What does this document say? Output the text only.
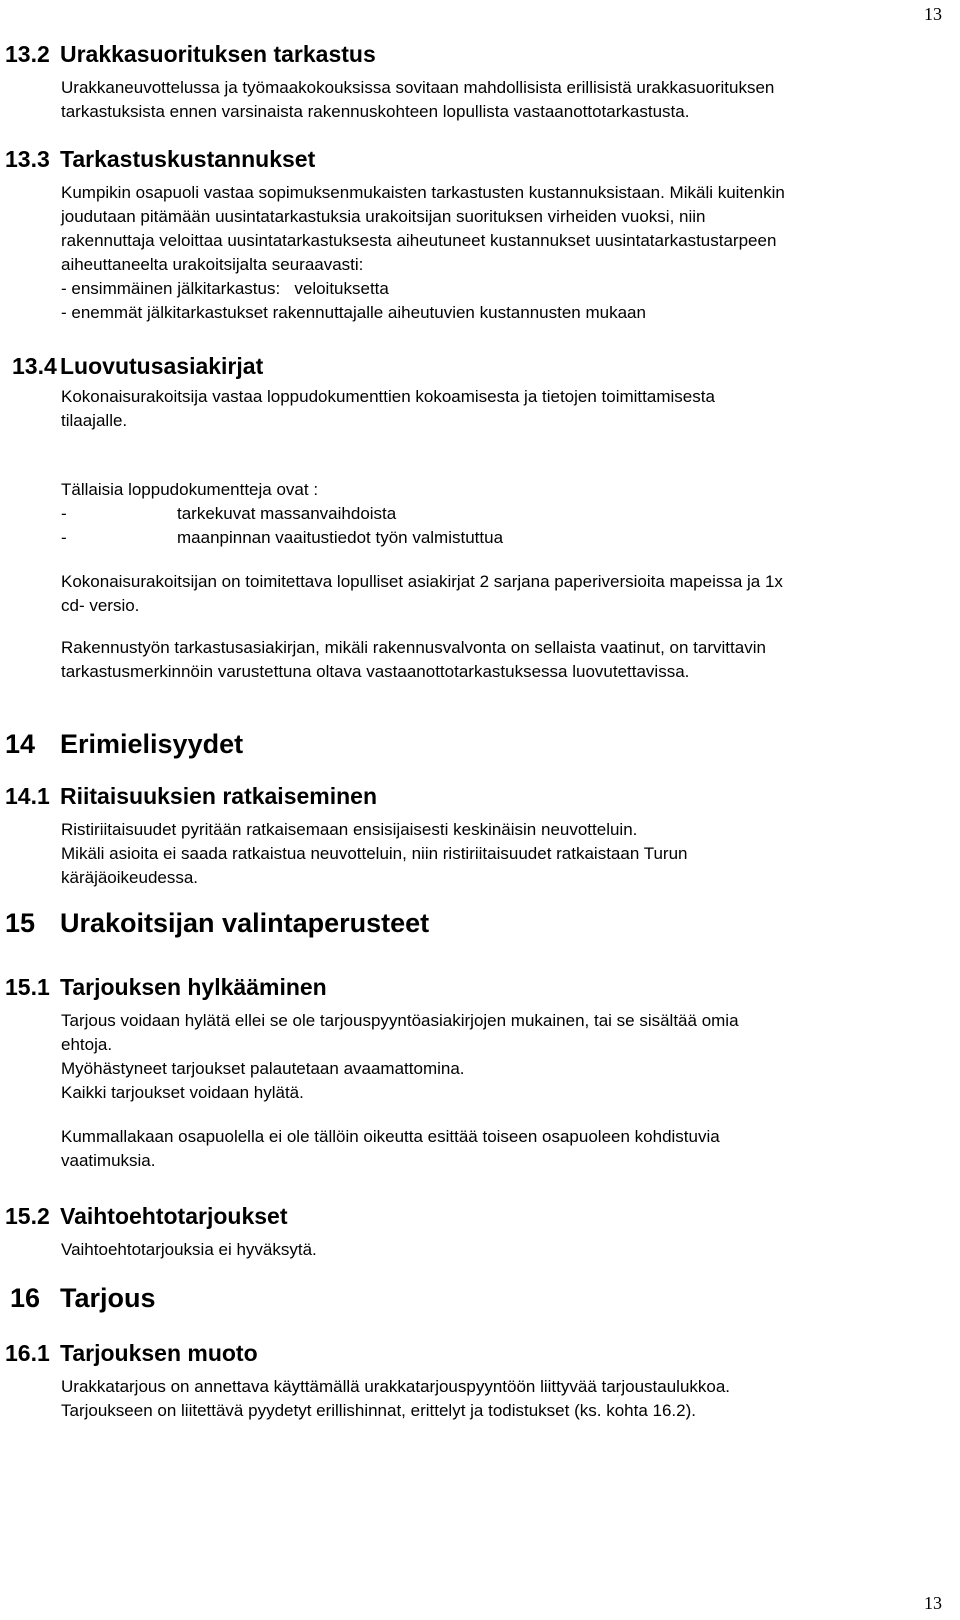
13
13.2 Urakkasuorituksen tarkastus
Urakkaneuvottelussa ja työmaakokouksissa sovitaan mahdollisista erillisistä urakkasuorituksen
tarkastuksista ennen varsinaista rakennuskohteen lopullista vastaanottotarkastusta.
13.3 Tarkastuskustannukset
Kumpikin osapuoli vastaa sopimuksenmukaisten tarkastusten kustannuksistaan. Mikäli kuitenkin
joudutaan pitämään uusintatarkastuksia urakoitsijan suorituksen virheiden vuoksi, niin
rakennuttaja veloittaa uusintatarkastuksesta aiheutuneet kustannukset uusintatarkastustarpeen
aiheuttaneelta urakoitsijalta seuraavasti:
- ensimmäinen jälkitarkastus:   veloituksetta
- enemmät jälkitarkastukset rakennuttajalle aiheutuvien kustannusten mukaan
13.4 Luovutusasiakirjat
Kokonaisurakoitsija vastaa loppudokumenttien kokoamisesta ja tietojen toimittamisesta
tilaajalle.
Tällaisia loppudokumentteja ovat :
-	tarkekuvat massanvaihdoista
-	maanpinnan vaaitustiedot työn valmistuttua
Kokonaisurakoitsijan on toimitettava lopulliset asiakirjat 2 sarjana paperiversioita mapeissa ja 1x
cd- versio.
Rakennustyön tarkastusasiakirjan, mikäli rakennusvalvonta on sellaista vaatinut, on tarvittavin
tarkastusmerkinnöin varustettuna oltava vastaanottotarkastuksessa luovutettavissa.
14 Erimielisyydet
14.1 Riitaisuuksien ratkaiseminen
Ristiriitaisuudet pyritään ratkaisemaan ensisijaisesti keskinäisin neuvotteluin.
Mikäli asioita ei saada ratkaistua neuvotteluin, niin ristiriitaisuudet ratkaistaan Turun
käräjäoikeudessa.
15 Urakoitsijan valintaperusteet
15.1 Tarjouksen hylkääminen
Tarjous voidaan hylätä ellei se ole tarjouspyyntöasiakirjojen mukainen, tai se sisältää omia
ehtoja.
Myöhästyneet tarjoukset palautetaan avaamattomina.
Kaikki tarjoukset voidaan hylätä.
Kummallakaan osapuolella ei ole tällöin oikeutta esittää toiseen osapuoleen kohdistuvia
vaatimuksia.
15.2 Vaihtoehtotarjoukset
Vaihtoehtotarjouksia ei hyväksytä.
16 Tarjous
16.1 Tarjouksen muoto
Urakkatarjous on annettava käyttämällä urakkatarjouspyyntöön liittyvää tarjoustaulukkoa.
Tarjoukseen on liitettävä pyydetyt erillishinnat, erittelyt ja todistukset (ks. kohta 16.2).
13
